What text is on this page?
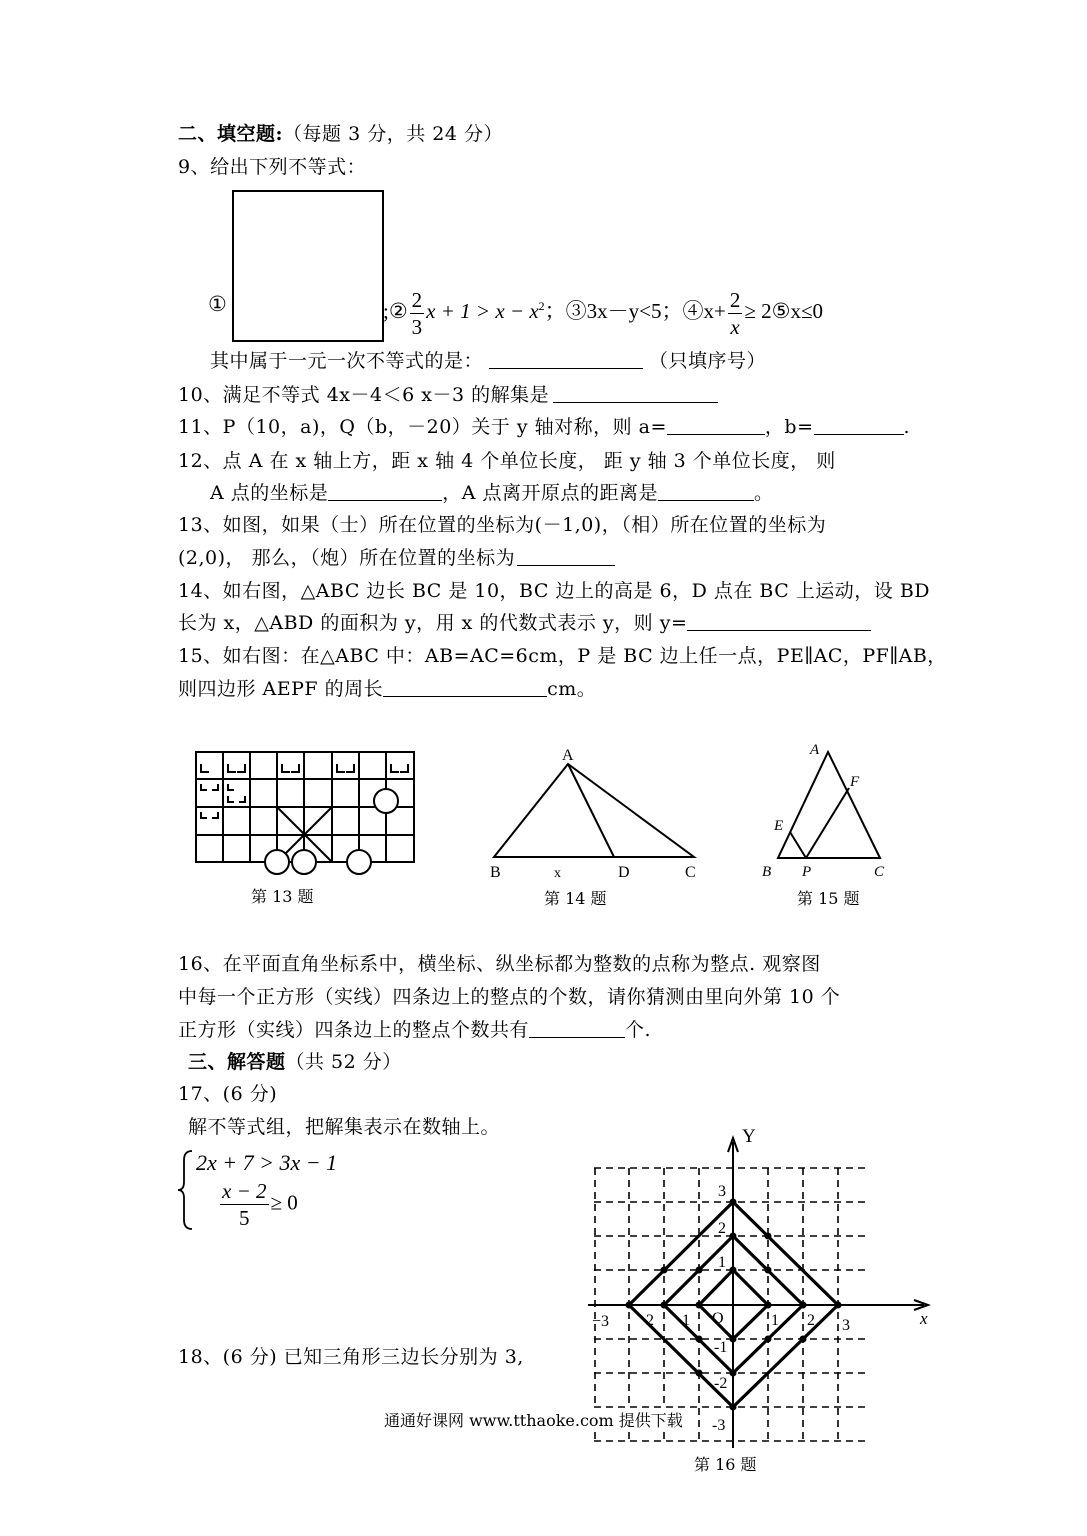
二、填空题:（每题 3 分，共 24 分）
9、给出下列不等式：
①	;② $\frac{2}{3}$ $x + 1 > x - x^2$；③3x－y<5；④x+ $\frac{2}{x}$ ≥ 2⑤x≤0
其中属于一元一次不等式的是：	（只填序号）
10、满足不等式 4x－4＜6 x－3 的解集是
11、P（10，a)，Q（b，－20）关于 y 轴对称，则 a=	，b=	.
12、点 A 在 x 轴上方，距 x 轴 4 个单位长度， 距 y 轴 3 个单位长度， 则
A 点的坐标是	，A 点离开原点的距离是	。
13、如图，如果（士）所在位置的坐标为(－1,0)，（相）所在位置的坐标为
(2,0)， 那么，（炮）所在位置的坐标为
14、如右图，△ABC 边长 BC 是 10，BC 边上的高是 6，D 点在 BC 上运动，设 BD
长为 x，△ABD 的面积为 y，用 x 的代数式表示 y，则 y=
15、如右图：在△ABC 中：AB=AC=6cm，P 是 BC 边上任一点，PE∥AC，PF∥AB，
则四边形 AEPF 的周长	cm。
第 13 题
A
B	x	D	C
第 14 题
A
F
E
B P	C
第 15 题
16、在平面直角坐标系中，横坐标、纵坐标都为整数的点称为整点. 观察图
中每一个正方形（实线）四条边上的整点的个数，请你猜测由里向外第 10 个
正方形（实线）四条边上的整点个数共有	个.
三、解答题（共 52 分）
17、(6 分)
解不等式组，把解集表示在数轴上。
2x + 7 > 3x − 1
$\frac{x - 2}{5} \ge 0$
18、(6 分) 已知三角形三边长分别为 3,
Y
x
O
−3 2 1	1 2 3
3
2
1
-1
-2
-3
通通好课网 www.tthaoke.com 提供下载
第 16 题
